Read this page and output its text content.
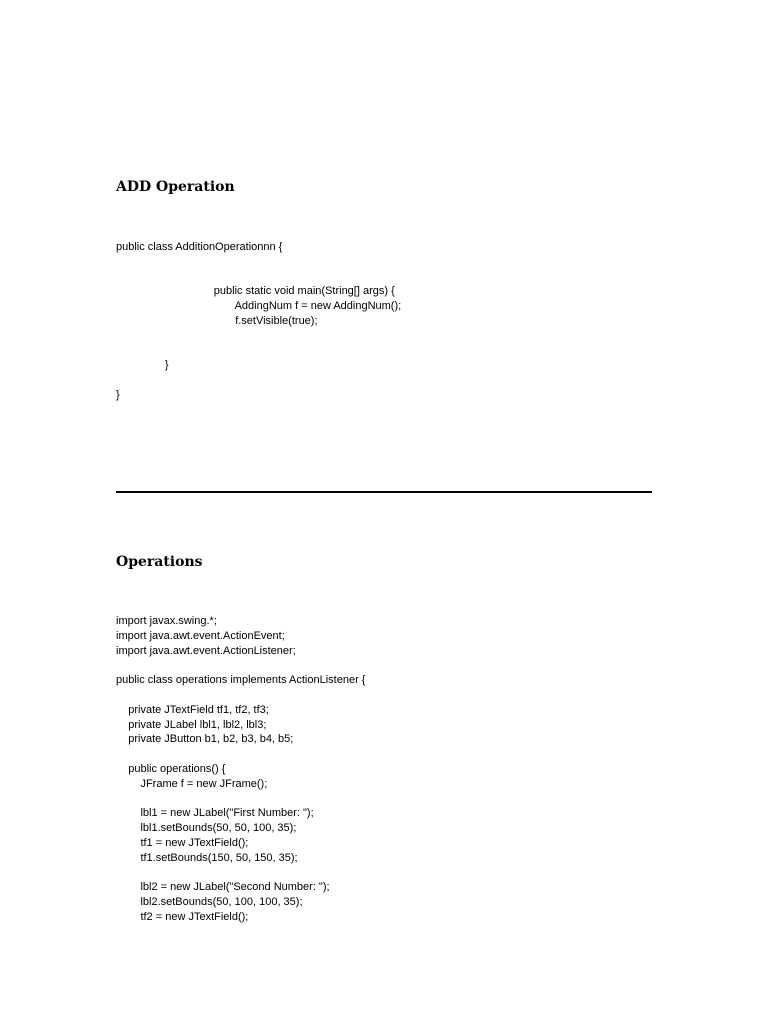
ADD Operation
public class AdditionOperationnn {
public static void main(String[] args) {
AddingNum f = new AddingNum();
f.setVisible(true);
}
}
Operations
import javax.swing.*;
import java.awt.event.ActionEvent;
import java.awt.event.ActionListener;
public class operations implements ActionListener {
private JTextField tf1, tf2, tf3;
private JLabel lbl1, lbl2, lbl3;
private JButton b1, b2, b3, b4, b5;
public operations() {
JFrame f = new JFrame();
lbl1 = new JLabel("First Number: ");
lbl1.setBounds(50, 50, 100, 35);
tf1 = new JTextField();
tf1.setBounds(150, 50, 150, 35);
lbl2 = new JLabel("Second Number: ");
lbl2.setBounds(50, 100, 100, 35);
tf2 = new JTextField();
